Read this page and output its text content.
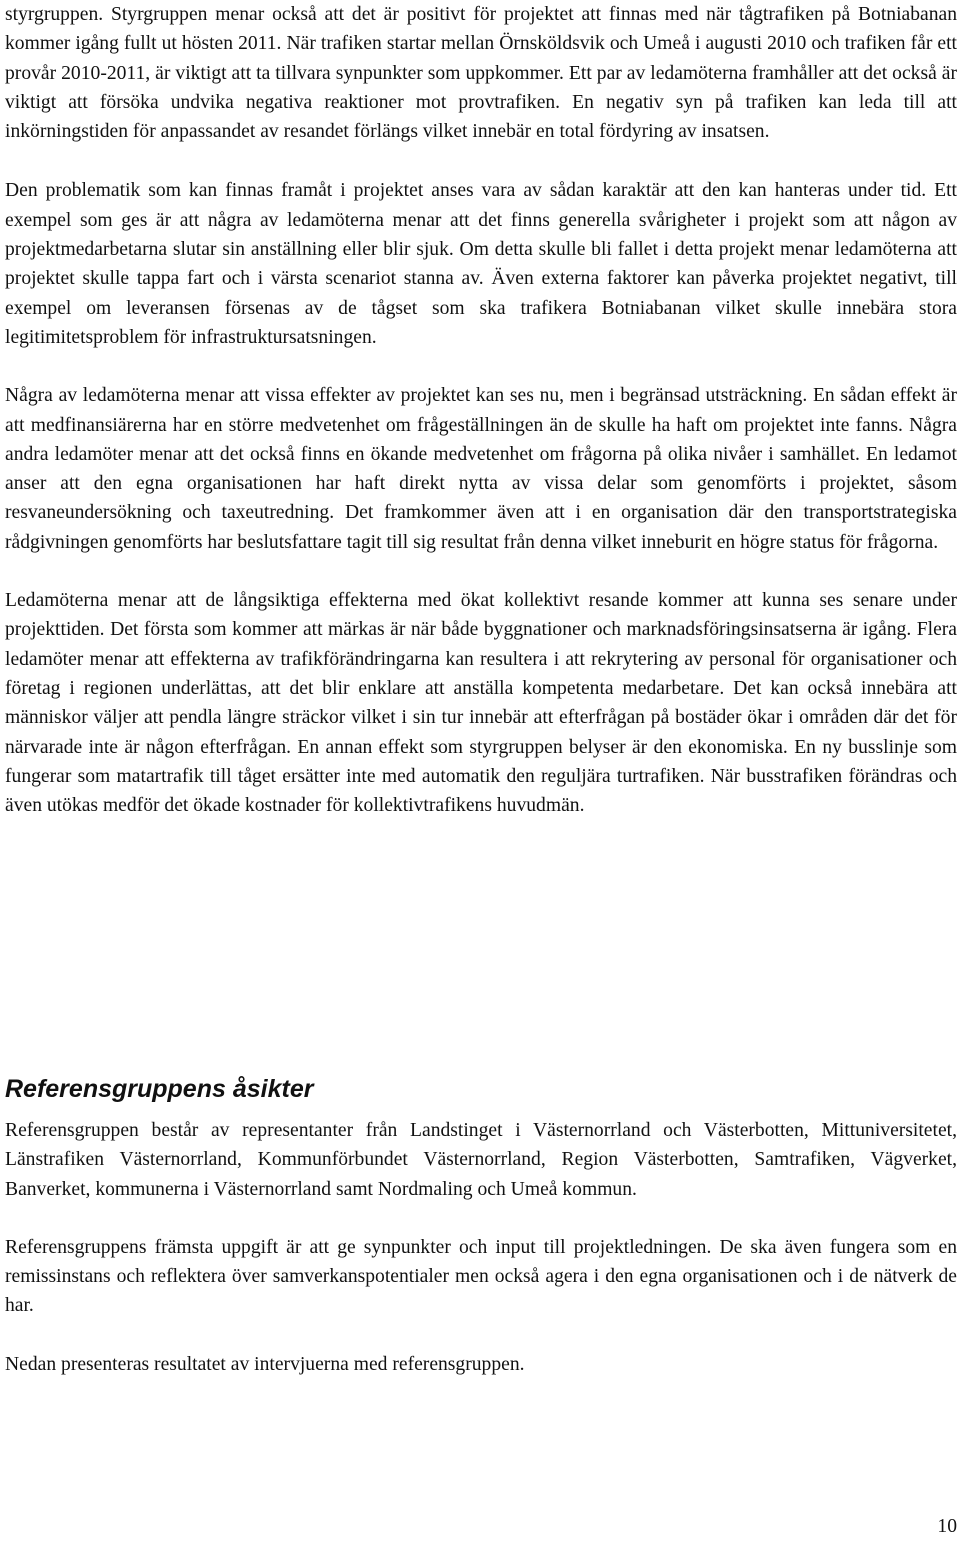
styrgruppen. Styrgruppen menar också att det är positivt för projektet att finnas med när tågtrafiken på Botniabanan kommer igång fullt ut hösten 2011. När trafiken startar mellan Örnsköldsvik och Umeå i augusti 2010 och trafiken får ett provår 2010-2011, är viktigt att ta tillvara synpunkter som uppkommer. Ett par av ledamöterna framhåller att det också är viktigt att försöka undvika negativa reaktioner mot provtrafiken. En negativ syn på trafiken kan leda till att inkörningstiden för anpassandet av resandet förlängs vilket innebär en total fördyring av insatsen.

Den problematik som kan finnas framåt i projektet anses vara av sådan karaktär att den kan hanteras under tid. Ett exempel som ges är att några av ledamöterna menar att det finns generella svårigheter i projekt som att någon av projektmedarbetarna slutar sin anställning eller blir sjuk. Om detta skulle bli fallet i detta projekt menar ledamöterna att projektet skulle tappa fart och i värsta scenariot stanna av. Även externa faktorer kan påverka projektet negativt, till exempel om leveransen försenas av de tågset som ska trafikera Botniabanan vilket skulle innebära stora legitimitetsproblem för infrastruktursatsningen.

Några av ledamöterna menar att vissa effekter av projektet kan ses nu, men i begränsad utsträckning. En sådan effekt är att medfinansiärerna har en större medvetenhet om frågeställningen än de skulle ha haft om projektet inte fanns. Några andra ledamöter menar att det också finns en ökande medvetenhet om frågorna på olika nivåer i samhället. En ledamot anser att den egna organisationen har haft direkt nytta av vissa delar som genomförts i projektet, såsom resvaneundersökning och taxeutredning. Det framkommer även att i en organisation där den transportstrategiska rådgivningen genomförts har beslutsfattare tagit till sig resultat från denna vilket inneburit en högre status för frågorna.

Ledamöterna menar att de långsiktiga effekterna med ökat kollektivt resande kommer att kunna ses senare under projekttiden. Det första som kommer att märkas är när både byggnationer och marknadsföringsinsatserna är igång. Flera ledamöter menar att effekterna av trafikförändringarna kan resultera i att rekrytering av personal för organisationer och företag i regionen underlättas, att det blir enklare att anställa kompetenta medarbetare. Det kan också innebära att människor väljer att pendla längre sträckor vilket i sin tur innebär att efterfrågan på bostäder ökar i områden där det för närvarade inte är någon efterfrågan. En annan effekt som styrgruppen belyser är den ekonomiska. En ny busslinje som fungerar som matartrafik till tåget ersätter inte med automatik den reguljära turtrafiken. När busstrafiken förändras och även utökas medför det ökade kostnader för kollektivtrafikens huvudmän.

Referensgruppens åsikter

Referensgruppen består av representanter från Landstinget i Västernorrland och Västerbotten, Mittuniversitetet, Länstrafiken Västernorrland, Kommunförbundet Västernorrland, Region Västerbotten, Samtrafiken, Vägverket, Banverket, kommunerna i Västernorrland samt Nordmaling och Umeå kommun.

Referensgruppens främsta uppgift är att ge synpunkter och input till projektledningen. De ska även fungera som en remissinstans och reflektera över samverkanspotentialer men också agera i den egna organisationen och i de nätverk de har.

Nedan presenteras resultatet av intervjuerna med referensgruppen.

10
